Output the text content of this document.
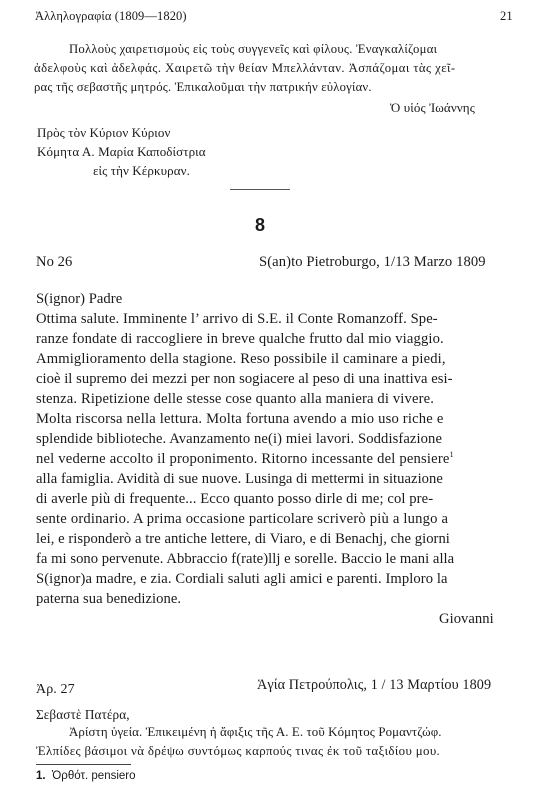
Ἀλληλογραφία (1809—1820)	21
Πολλοὺς χαιρετισμοὺς εἰς τοὺς συγγενεῖς καὶ φίλους. Ἐναγκαλίζομαι
ἀδελφοὺς καὶ ἀδελφάς. Χαιρετῶ τὴν θείαν Μπελλάνταν. Ἀσπάζομαι τὰς χεῖ-
ρας τῆς σεβαστῆς μητρός. Ἐπικαλοῦμαι τὴν πατρικήν εὐλογίαν.
Ὁ υἱός Ἰωάννης
Πρὸς τὸν Κύριον Κύριον
Κόμητα Α. Μαρία Καποδίστρια
εἰς τὴν Κέρκυραν.
8
No 26	S(an)to Pietroburgo, 1/13 Marzo 1809
S(ignor) Padre
Ottima salute. Imminente l’ arrivo di S.E. il Conte Romanzoff. Spe-
ranze fondate di raccogliere in breve qualche frutto dal mio viaggio.
Ammiglioramento della stagione. Reso possibile il caminare a piedi,
cioè il supremo dei mezzi per non sogiacere al peso di una inattiva esi-
stenza. Ripetizione delle stesse cose quanto alla maniera di vivere.
Molta riscorsa nella lettura. Molta fortuna avendo a mio uso riche e
splendide biblioteche. Avanzamento ne(i) miei lavori. Soddisfazione
nel vederne accolto il proponimento. Ritorno incessante del pensiere$^1$
alla famiglia. Avidità di sue nuove. Lusinga di mettermi in situazione
di averle più di frequente... Ecco quanto posso dirle di me; col pre-
sente ordinario. A prima occasione particolare scriverò più a lungo a
lei, e risponderò a tre antiche lettere, di Viaro, e di Benachj, che giorni
fa mi sono pervenute. Abbraccio f(rate)llj e sorelle. Baccio le mani alla
S(ignor)a madre, e zia. Cordiali saluti agli amici e parenti. Imploro la
paterna sua benedizione.
Giovanni
Ἀρ. 27	Ἁγία Πετρούπολις, 1 / 13 Μαρτίου 1809
Σεβαστὲ Πατέρα,
Ἀρίστη ὑγεία. Ἐπικειμένη ἡ ἄφιξις τῆς Α. Ε. τοῦ Κόμητος Ρομαντζώφ.
Ἐλπίδες βάσιμοι νὰ δρέψω συντόμως καρπούς τινας ἐκ τοῦ ταξιδίου μου.
1. Ὀρθότ. pensiero
